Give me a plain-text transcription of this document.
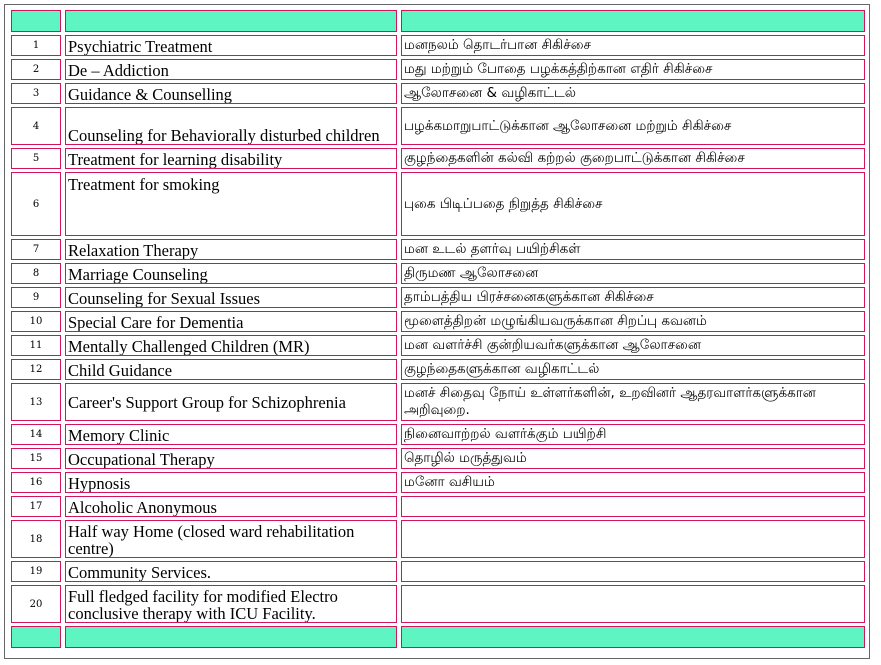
1	Psychiatric Treatment	மனநலம் தொடர்பான சிகிச்சை
2	De – Addiction	மது மற்றும் போதை பழக்கத்திற்கான எதிர் சிகிச்சை
3	Guidance & Counselling	ஆலோசனை & வழிகாட்டல்
4	Counseling for Behaviorally disturbed children	பழக்கமாறுபாட்டுக்கான ஆலோசனை மற்றும் சிகிச்சை
5	Treatment for learning disability	குழந்தைகளின் கல்வி கற்றல் குறைபாட்டுக்கான சிகிச்சை
6	Treatment for smoking	புகை பிடிப்பதை நிறுத்த சிகிச்சை
7	Relaxation Therapy	மன உடல் தளர்வு பயிற்சிகள்
8	Marriage Counseling	திருமண ஆலோசனை
9	Counseling for Sexual Issues	தாம்பத்திய பிரச்சனைகளுக்கான சிகிச்சை
10	Special Care for Dementia	மூளைத்திறன் மழுங்கியவருக்கான சிறப்பு கவனம்
11	Mentally Challenged Children (MR)	மன வளர்ச்சி குன்றியவர்களுக்கான ஆலோசனை
12	Child Guidance	குழந்தைகளுக்கான வழிகாட்டல்
13	Career's Support Group for Schizophrenia	மனச் சிதைவு நோய் உள்ளர்களின், உறவினர் ஆதரவாளர்களுக்கான அறிவுறை.
14	Memory Clinic	நினைவாற்றல் வளர்க்கும் பயிற்சி
15	Occupational Therapy	தொழில் மருத்துவம்
16	Hypnosis	மனோ வசியம்
17	Alcoholic Anonymous	
18	Half way Home (closed ward rehabilitation centre)	
19	Community Services.	
20	Full fledged facility for modified Electro conclusive therapy with ICU Facility.	
